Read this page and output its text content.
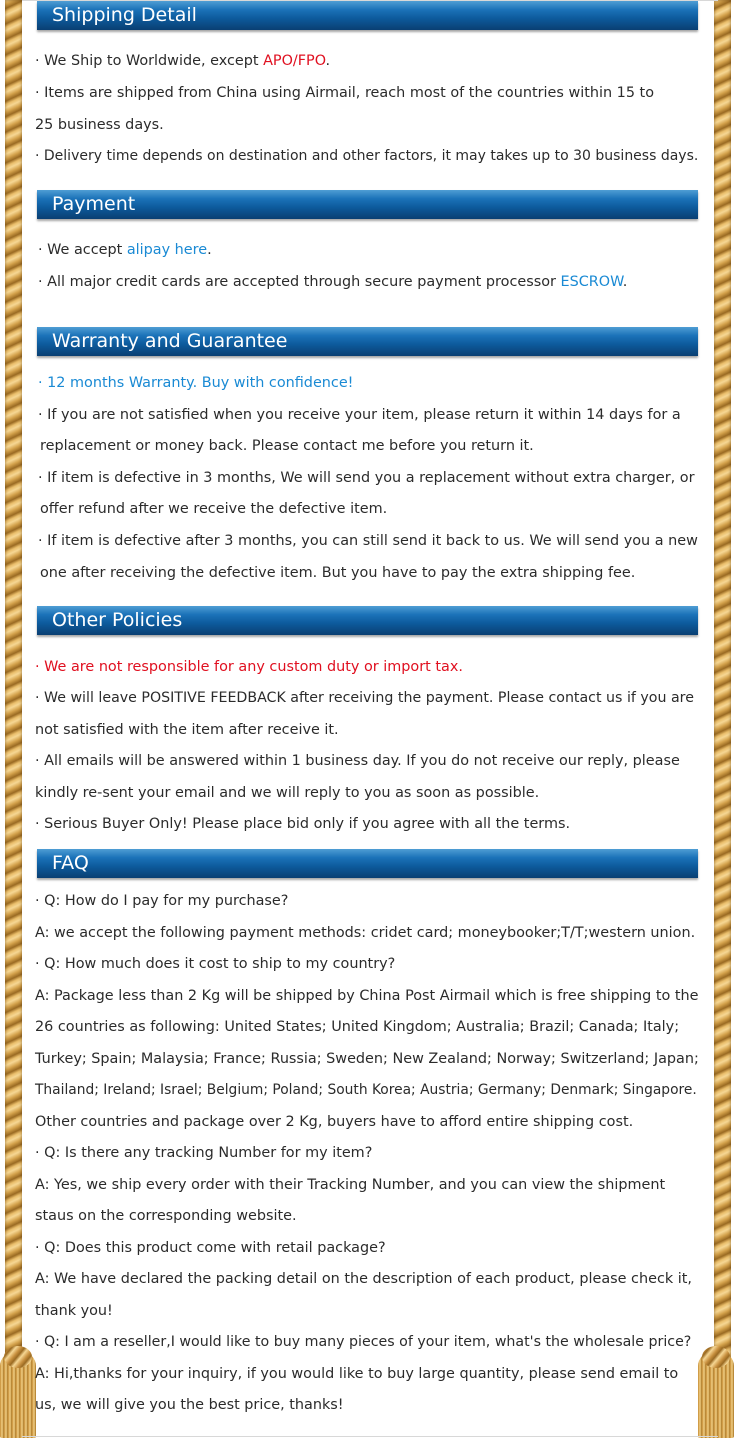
Shipping Detail
· We Ship to Worldwide, except APO/FPO.
· Items are shipped from China using Airmail, reach most of the countries within 15 to
25 business days.
· Delivery time depends on destination and other factors, it may takes up to 30 business days.
Payment
· We accept alipay here.
· All major credit cards are accepted through secure payment processor ESCROW.
Warranty and Guarantee
· 12 months Warranty. Buy with confidence!
· If you are not satisfied when you receive your item, please return it within 14 days for a
replacement or money back. Please contact me before you return it.
· If item is defective in 3 months, We will send you a replacement without extra charger, or
offer refund after we receive the defective item.
· If item is defective after 3 months, you can still send it back to us. We will send you a new
one after receiving the defective item. But you have to pay the extra shipping fee.
Other Policies
· We are not responsible for any custom duty or import tax.
· We will leave POSITIVE FEEDBACK after receiving the payment. Please contact us if you are
not satisfied with the item after receive it.
· All emails will be answered within 1 business day. If you do not receive our reply, please
kindly re-sent your email and we will reply to you as soon as possible.
· Serious Buyer Only! Please place bid only if you agree with all the terms.
FAQ
· Q: How do I pay for my purchase?
A: we accept the following payment methods: cridet card; moneybooker;T/T;western union.
· Q: How much does it cost to ship to my country?
A: Package less than 2 Kg will be shipped by China Post Airmail which is free shipping to the
26 countries as following: United States; United Kingdom; Australia; Brazil; Canada; Italy;
Turkey; Spain; Malaysia; France; Russia; Sweden; New Zealand; Norway; Switzerland; Japan;
Thailand; Ireland; Israel; Belgium; Poland; South Korea; Austria; Germany; Denmark; Singapore.
Other countries and package over 2 Kg, buyers have to afford entire shipping cost.
· Q: Is there any tracking Number for my item?
A: Yes, we ship every order with their Tracking Number, and you can view the shipment
staus on the corresponding website.
· Q: Does this product come with retail package?
A: We have declared the packing detail on the description of each product, please check it,
thank you!
· Q: I am a reseller,I would like to buy many pieces of your item, what's the wholesale price?
A: Hi,thanks for your inquiry, if you would like to buy large quantity, please send email to
us, we will give you the best price, thanks!
